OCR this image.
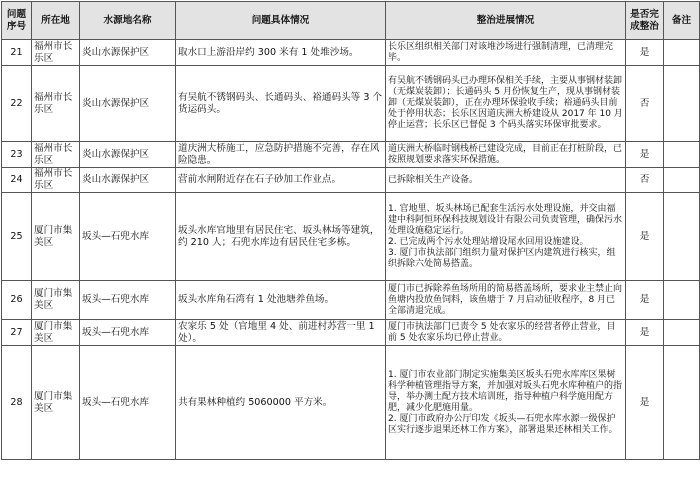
问题
序号	所在地	水源地名称	问题具体情况	整治进展情况	是否完
成整治	备注
21	福州市长乐区	炎山水源保护区	取水口上游沿岸约 300 米有 1 处堆沙场。	长乐区组织相关部门对该堆沙场进行强制清理，已清理完毕。	是	
22	福州市长乐区	炎山水源保护区	有吴航不锈钢码头、长通码头、裕通码头等 3 个货运码头。	有吴航不锈钢码头已办理环保相关手续，主要从事钢材装卸（无煤炭装卸）；长通码头 5 月份恢复生产，现从事钢材装卸（无煤炭装卸），正在办理环保验收手续；裕通码头目前处于停用状态；长乐区因道庆洲大桥建设从 2017 年 10 月停止运营；长乐区已督促 3 个码头落实环保审批要求。	否	
23	福州市长乐区	炎山水源保护区	道庆洲大桥施工，应急防护措施不完善，存在风险隐患。	道庆洲大桥临时钢栈桥已建设完成，目前正在打桩阶段，已按照规划要求落实环保措施。	是	
24	福州市长乐区	炎山水源保护区	营前水闸附近存在石子砂加工作业点。	已拆除相关生产设备。	否	
25	厦门市集美区	坂头—石兜水库	坂头水库官地里有居民住宅、坂头林场等建筑，约 210 人；石兜水库边有居民住宅多栋。	1. 官地里、坂头林场已配套生活污水处理设施，并交由福建中科阿恒环保科技规划设计有限公司负责管理，确保污水处理设施稳定运行。
2. 已完成两个污水处理站增设尾水回用设施建设。
3. 厦门市执法部门组织力量对保护区内建筑进行核实，组织拆除六处简易搭盖。	是	
26	厦门市集美区	坂头—石兜水库	坂头水库角石湾有 1 处池塘养鱼场。	厦门市已拆除养鱼场所用的简易搭盖场所，要求业主禁止向鱼塘内投放鱼饲料，该鱼塘于 7 月启动征收程序，8 月已全部清退完成。	是	
27	厦门市集美区	坂头—石兜水库	农家乐 5 处（官地里 4 处、前进村苏营一里 1 处）。	厦门市执法部门已责令 5 处农家乐的经营者停止营业，目前 5 处农家乐均已停止营业。	是	
28	厦门市集美区	坂头—石兜水库	共有果林种植约 5060000 平方米。	1. 厦门市农业部门制定实施集美区坂头石兜水库库区果树科学种植管理指导方案，并加强对坂头石兜水库种植户的指导，举办测土配方技术培训班，指导种植户科学施用配方肥，减少化肥施用量。
2. 厦门市政府办公厅印发《坂头—石兜水库水源一级保护区实行逐步退果还林工作方案》，部署退果还林相关工作。	是	
